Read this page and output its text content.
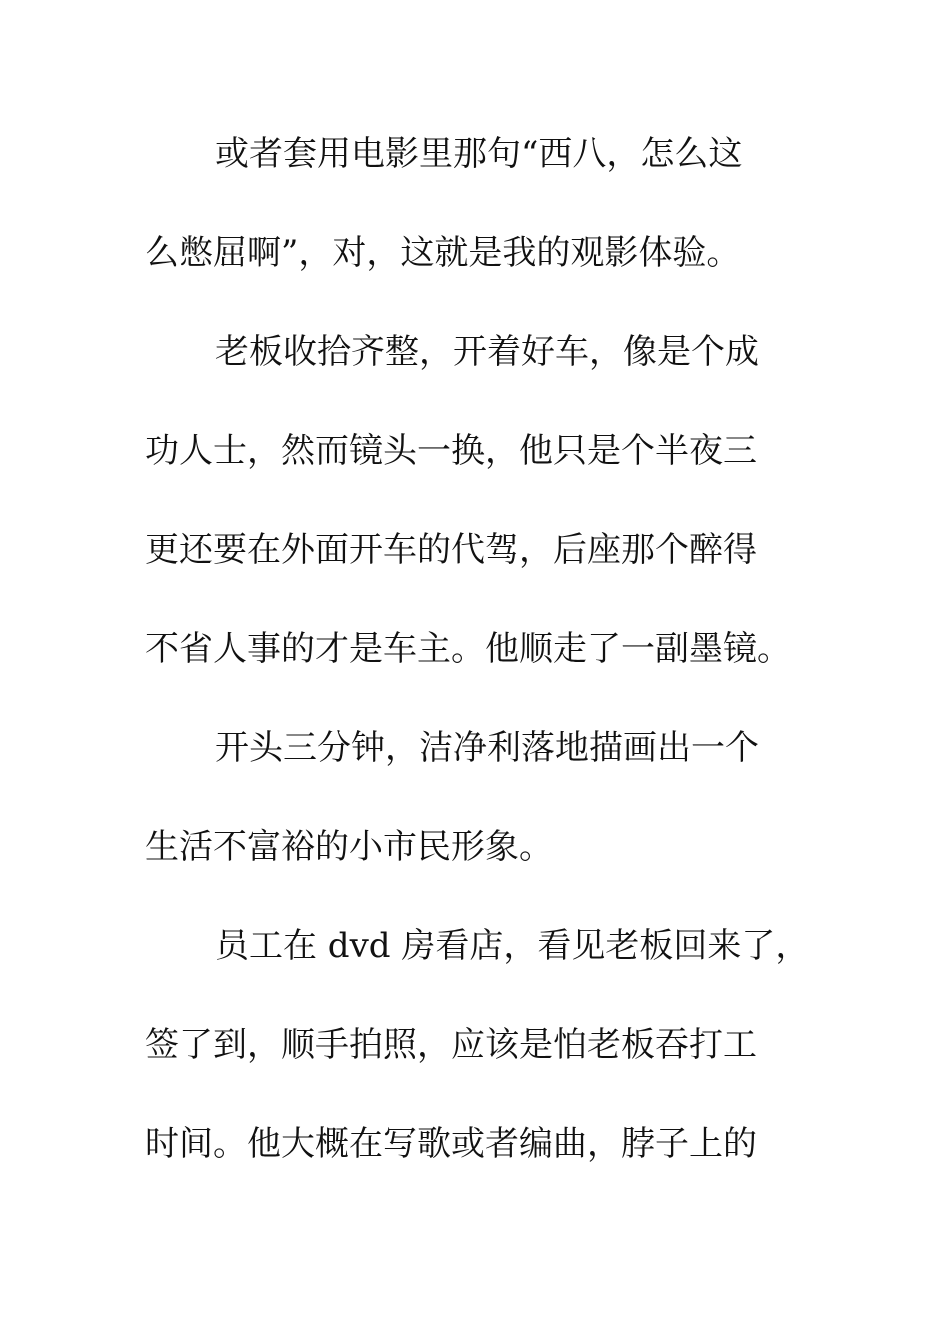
或者套用电影里那句“西八，怎么这
么憋屈啊”，对，这就是我的观影体验。
老板收拾齐整，开着好车，像是个成
功人士，然而镜头一换，他只是个半夜三
更还要在外面开车的代驾，后座那个醉得
不省人事的才是车主。他顺走了一副墨镜。
开头三分钟，洁净利落地描画出一个
生活不富裕的小市民形象。
员工在 dvd 房看店，看见老板回来了，
签了到，顺手拍照，应该是怕老板吞打工
时间。他大概在写歌或者编曲，脖子上的
